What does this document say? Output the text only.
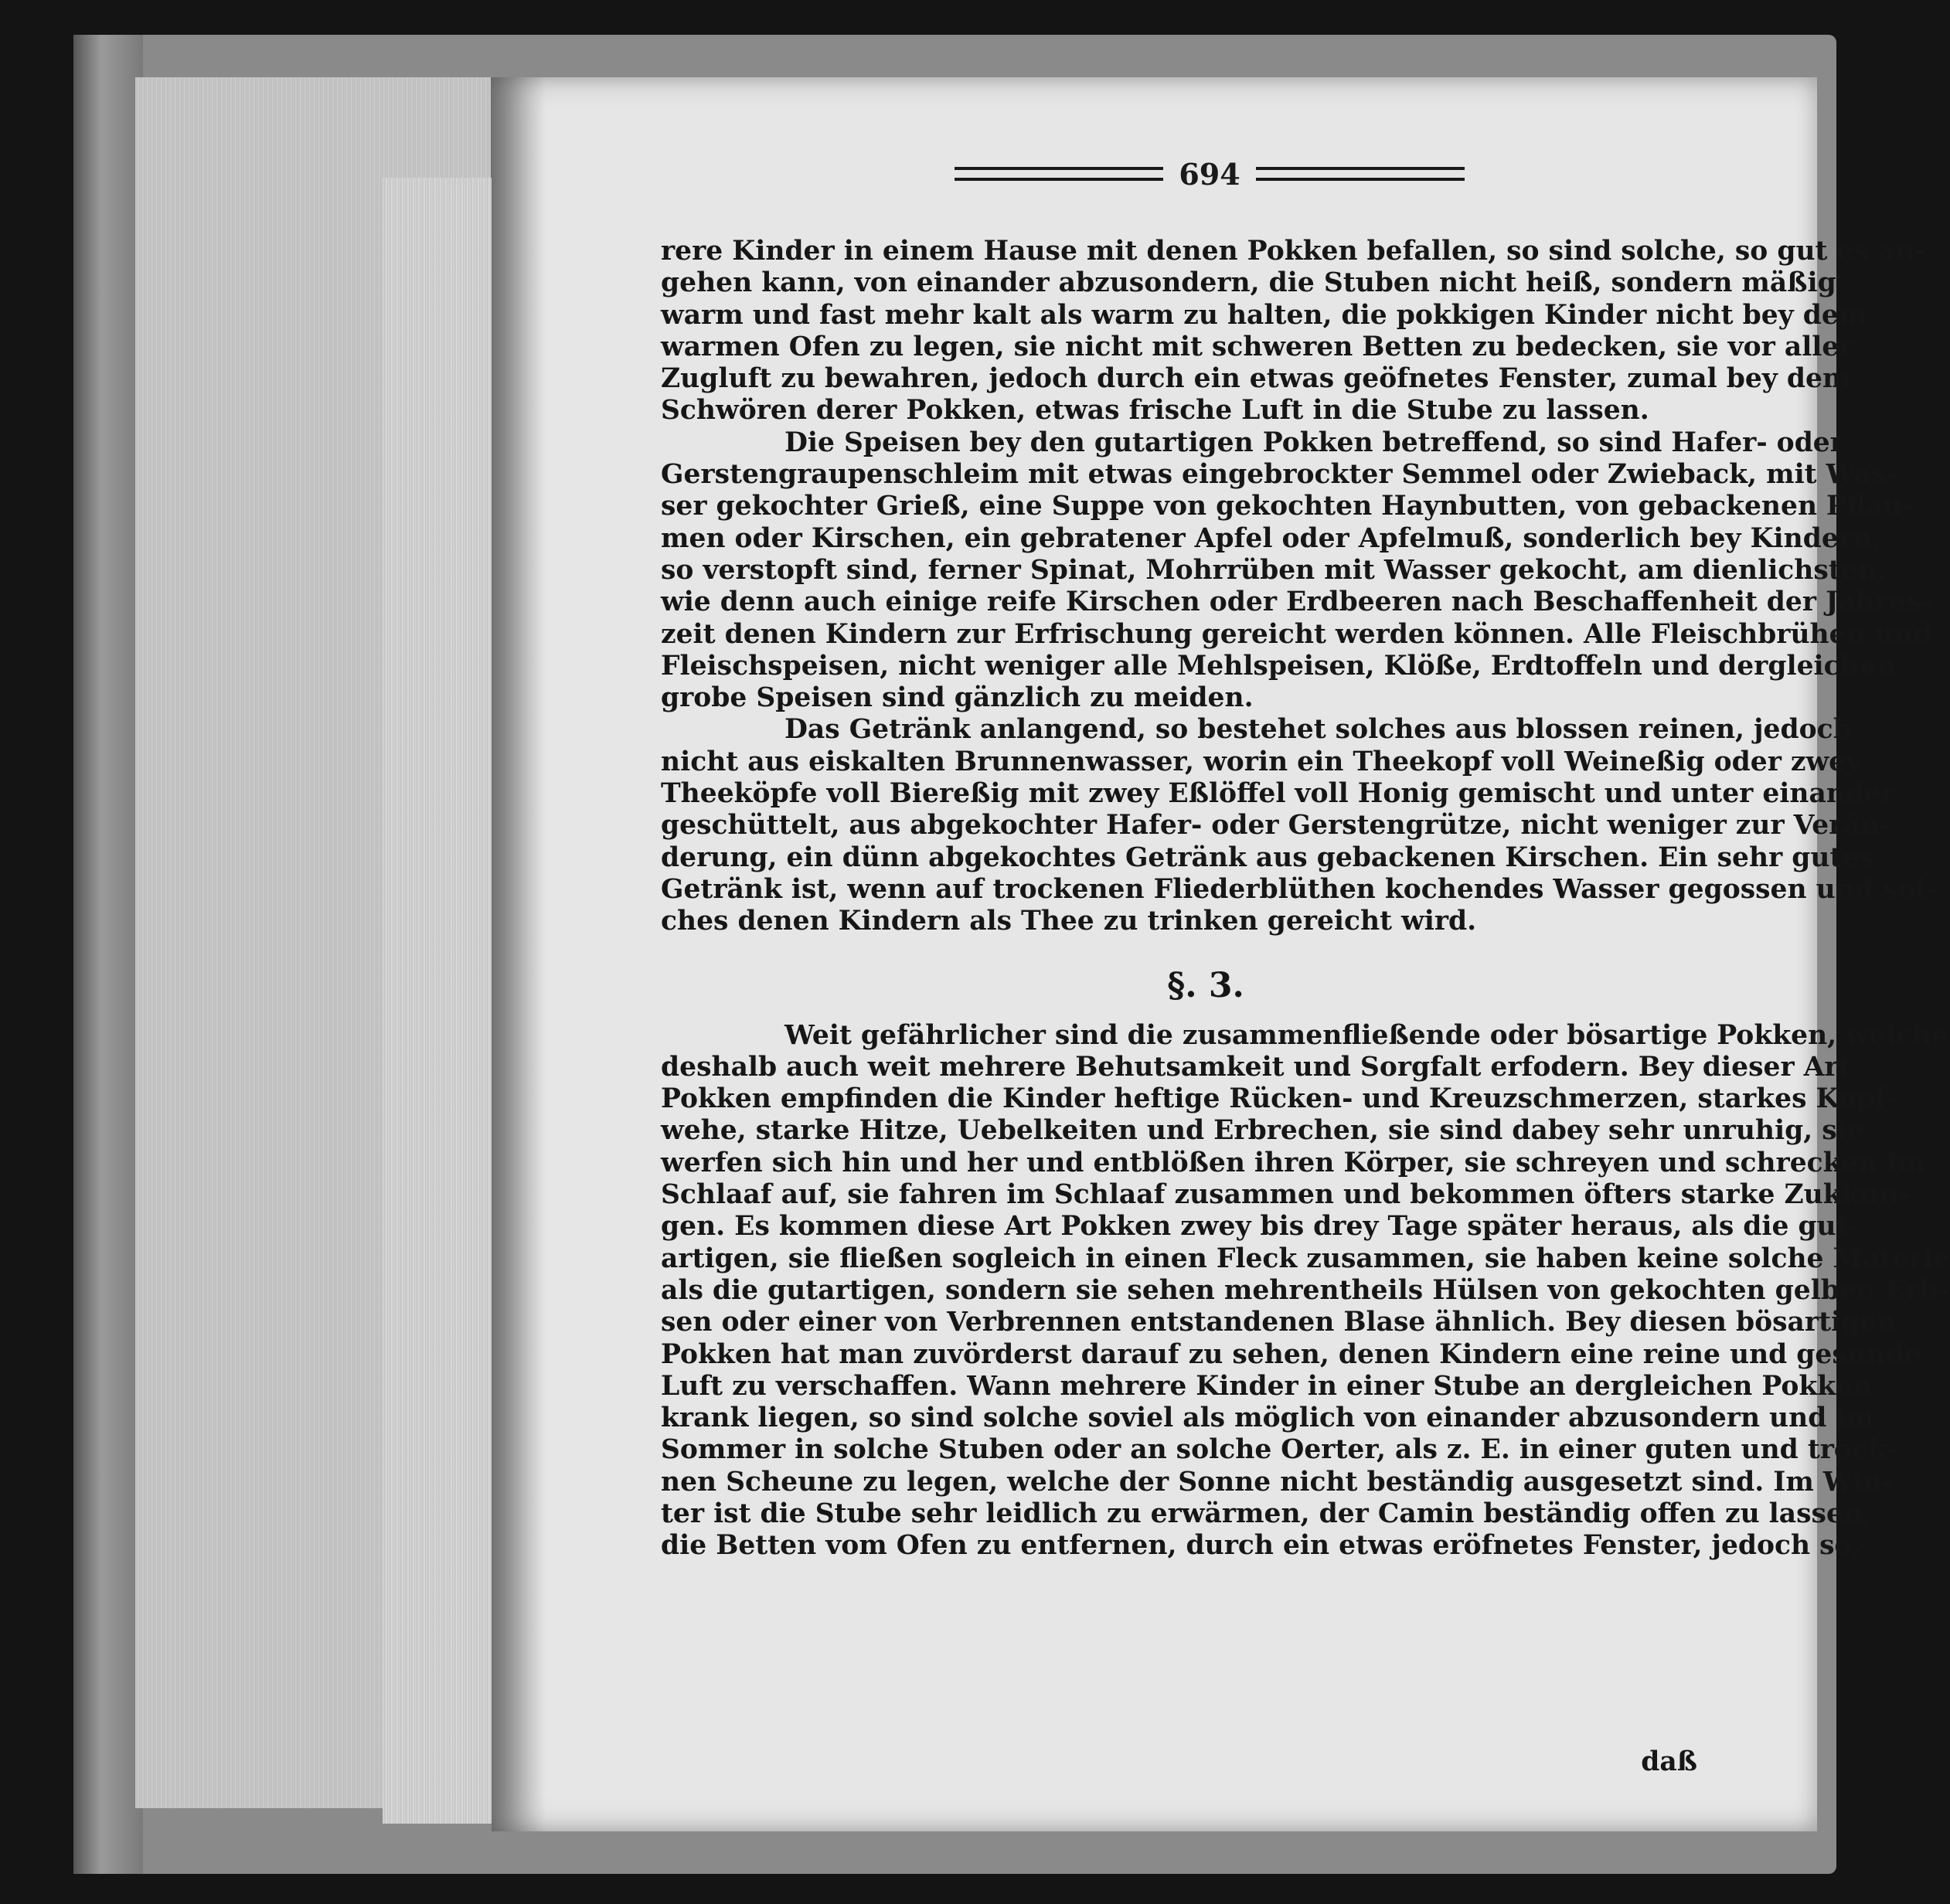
694
rere Kinder in einem Hause mit denen Pokken befallen, so sind solche, so gut es an-
gehen kann, von einander abzusondern, die Stuben nicht heiß, sondern mäßig
warm und fast mehr kalt als warm zu halten, die pokkigen Kinder nicht bey dem
warmen Ofen zu legen, sie nicht mit schweren Betten zu bedecken, sie vor aller
Zugluft zu bewahren, jedoch durch ein etwas geöfnetes Fenster, zumal bey dem
Schwören derer Pokken, etwas frische Luft in die Stube zu lassen.
Die Speisen bey den gutartigen Pokken betreffend, so sind Hafer- oder
Gerstengraupenschleim mit etwas eingebrockter Semmel oder Zwieback, mit Was-
ser gekochter Grieß, eine Suppe von gekochten Haynbutten, von gebackenen Pflau-
men oder Kirschen, ein gebratener Apfel oder Apfelmuß, sonderlich bey Kindern,
so verstopft sind, ferner Spinat, Mohrrüben mit Wasser gekocht, am dienlichsten,
wie denn auch einige reife Kirschen oder Erdbeeren nach Beschaffenheit der Jahres-
zeit denen Kindern zur Erfrischung gereicht werden können. Alle Fleischbrühen und
Fleischspeisen, nicht weniger alle Mehlspeisen, Klöße, Erdtoffeln und dergleichen
grobe Speisen sind gänzlich zu meiden.
Das Getränk anlangend, so bestehet solches aus blossen reinen, jedoch
nicht aus eiskalten Brunnenwasser, worin ein Theekopf voll Weineßig oder zwey
Theeköpfe voll Biereßig mit zwey Eßlöffel voll Honig gemischt und unter einander
geschüttelt, aus abgekochter Hafer- oder Gerstengrütze, nicht weniger zur Verän-
derung, ein dünn abgekochtes Getränk aus gebackenen Kirschen. Ein sehr gutes
Getränk ist, wenn auf trockenen Fliederblüthen kochendes Wasser gegossen und sol-
ches denen Kindern als Thee zu trinken gereicht wird.
§. 3.
Weit gefährlicher sind die zusammenfließende oder bösartige Pokken, welche
deshalb auch weit mehrere Behutsamkeit und Sorgfalt erfodern. Bey dieser Art
Pokken empfinden die Kinder heftige Rücken- und Kreuzschmerzen, starkes Kopf-
wehe, starke Hitze, Uebelkeiten und Erbrechen, sie sind dabey sehr unruhig, sie
werfen sich hin und her und entblößen ihren Körper, sie schreyen und schrecken im
Schlaaf auf, sie fahren im Schlaaf zusammen und bekommen öfters starke Zukkun-
gen. Es kommen diese Art Pokken zwey bis drey Tage später heraus, als die gut-
artigen, sie fließen sogleich in einen Fleck zusammen, sie haben keine solche Materie
als die gutartigen, sondern sie sehen mehrentheils Hülsen von gekochten gelben Erb-
sen oder einer von Verbrennen entstandenen Blase ähnlich. Bey diesen bösartigen
Pokken hat man zuvörderst darauf zu sehen, denen Kindern eine reine und gesunde
Luft zu verschaffen. Wann mehrere Kinder in einer Stube an dergleichen Pokken
krank liegen, so sind solche soviel als möglich von einander abzusondern und im
Sommer in solche Stuben oder an solche Oerter, als z. E. in einer guten und trock-
nen Scheune zu legen, welche der Sonne nicht beständig ausgesetzt sind. Im Win-
ter ist die Stube sehr leidlich zu erwärmen, der Camin beständig offen zu lassen,
die Betten vom Ofen zu entfernen, durch ein etwas eröfnetes Fenster, jedoch so,
daß
